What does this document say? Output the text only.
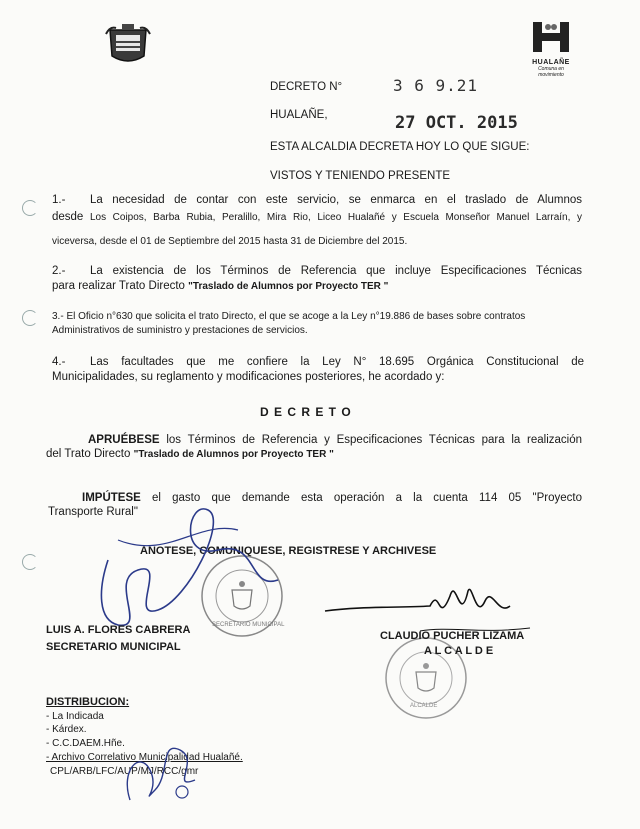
HUALAÑE
Comuna en movimiento
DECRETO N°	3 6 9.21
HUALAÑE,	27 OCT. 2015
ESTA ALCALDIA DECRETA HOY LO QUE SIGUE:
VISTOS Y TENIENDO PRESENTE
1.-	La necesidad de contar con este servicio, se enmarca en el traslado de Alumnos
desde Los Coipos, Barba Rubia, Peralillo, Mira Rio, Liceo Hualañé y Escuela Monseñor Manuel Larraín, y
viceversa, desde el 01 de Septiembre del 2015 hasta 31 de Diciembre del 2015.
2.-	La existencia de los Términos de Referencia que incluye Especificaciones Técnicas
para realizar Trato Directo "Traslado de Alumnos por Proyecto TER "
3.- El Oficio n°630 que solicita el trato Directo, el que se acoge a la Ley n°19.886 de bases sobre contratos
Administrativos de suministro y prestaciones de servicios.
4.-	Las facultades que me confiere la Ley N° 18.695 Orgánica Constitucional de
Municipalidades, su reglamento y modificaciones posteriores, he acordado y:
D E C R E T O
APRUÉBESE los Términos de Referencia y Especificaciones Técnicas para la realización
del Trato Directo "Traslado de Alumnos por Proyecto TER "
IMPÚTESE el gasto que demande esta operación a la cuenta 114 05 "Proyecto
Transporte Rural"
ANOTESE, COMUNIQUESE, REGISTRESE Y ARCHIVESE
SECRETARIO MUNICIPAL
ALCALDE
LUIS A. FLORES CABRERA
SECRETARIO MUNICIPAL
CLAUDIO PUCHER LIZAMA
A L C A L D E
DISTRIBUCION:
- La Indicada
- Kárdex.
- C.C.DAEM.Hñe.
- Archivo Correlativo Municipalidad Hualañé.
CPL/ARB/LFC/AUP/MJ/RCC/gmr
